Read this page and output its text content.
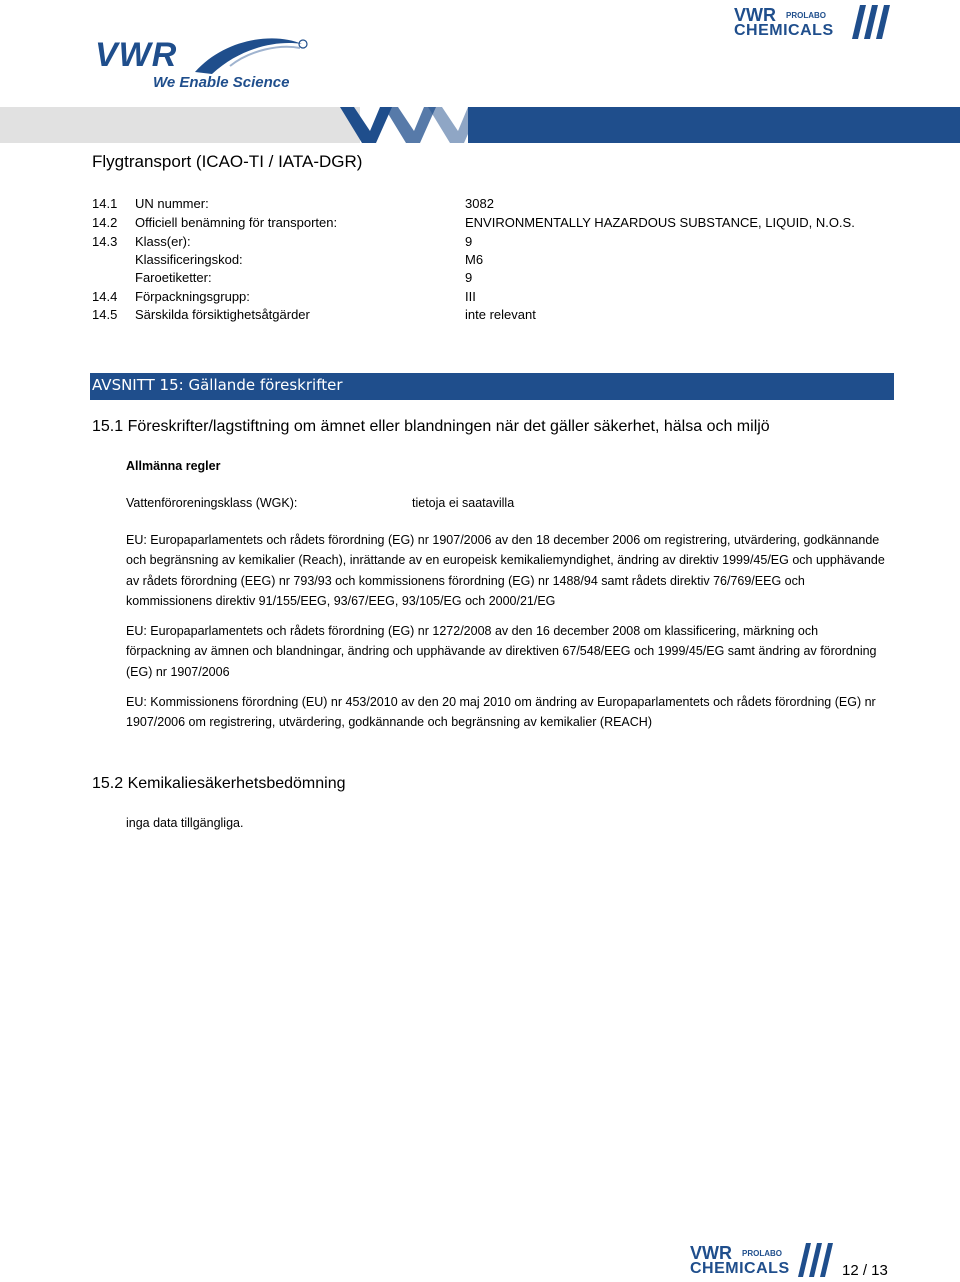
VWR
We Enable Science
VWR PROLABO
CHEMICALS
Flygtransport (ICAO-TI / IATA-DGR)
14.1 UN nummer:	3082
14.2 Officiell benämning för transporten:	ENVIRONMENTALLY HAZARDOUS SUBSTANCE, LIQUID, N.O.S.
14.3 Klass(er):	9
Klassificeringskod:	M6
Faroetiketter:	9
14.4 Förpackningsgrupp:	III
14.5 Särskilda försiktighetsåtgärder	inte relevant
AVSNITT 15: Gällande föreskrifter
15.1 Föreskrifter/lagstiftning om ämnet eller blandningen när det gäller säkerhet, hälsa och miljö
Allmänna regler
Vattenföroreningsklass (WGK):	tietoja ei saatavilla
EU: Europaparlamentets och rådets förordning (EG) nr 1907/2006 av den 18 december 2006 om registrering, utvärdering, godkännande och begränsning av kemikalier (Reach), inrättande av en europeisk kemikaliemyndighet, ändring av direktiv 1999/45/EG och upphävande av rådets förordning (EEG) nr 793/93 och kommissionens förordning (EG) nr 1488/94 samt rådets direktiv 76/769/EEG och kommissionens direktiv 91/155/EEG, 93/67/EEG, 93/105/EG och 2000/21/EG
EU: Europaparlamentets och rådets förordning (EG) nr 1272/2008 av den 16 december 2008 om klassificering, märkning och förpackning av ämnen och blandningar, ändring och upphävande av direktiven 67/548/EEG och 1999/45/EG samt ändring av förordning (EG) nr 1907/2006
EU: Kommissionens förordning (EU) nr 453/2010 av den 20 maj 2010 om ändring av Europaparlamentets och rådets förordning (EG) nr 1907/2006 om registrering, utvärdering, godkännande och begränsning av kemikalier (REACH)
15.2 Kemikaliesäkerhetsbedömning
inga data tillgängliga.
VWR PROLABO
CHEMICALS	12 / 13
